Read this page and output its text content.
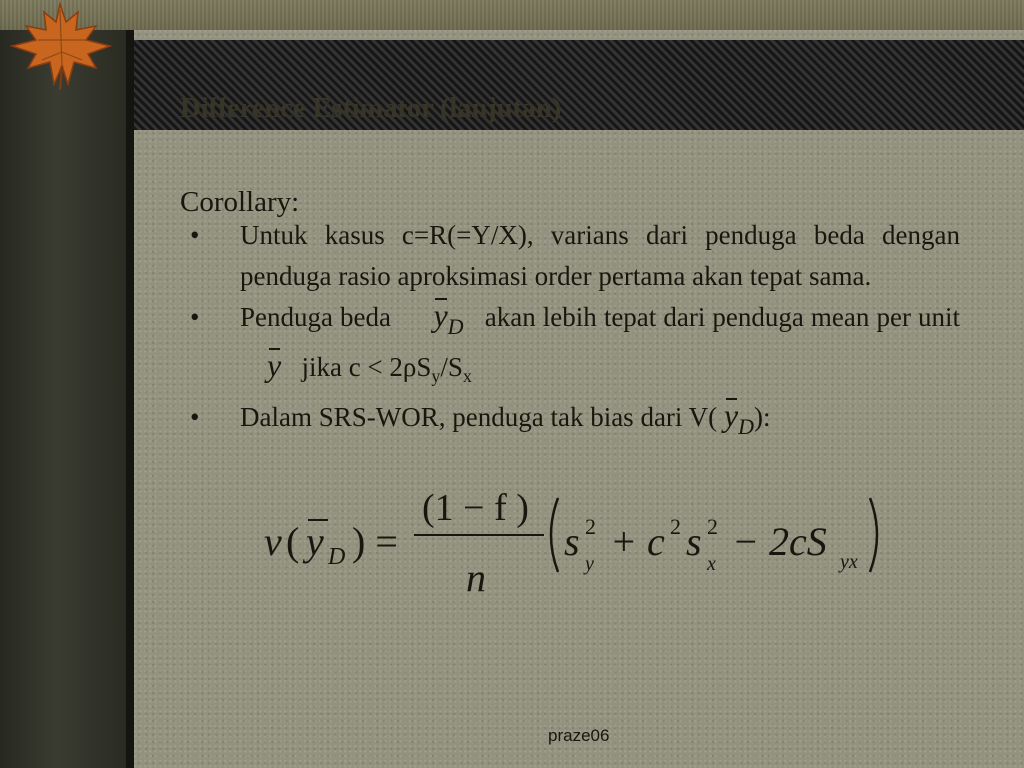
Difference Estimator (lanjutan)

Corollary:

• Untuk kasus c=R(=Y/X), varians dari penduga beda dengan penduga rasio aproksimasi order pertama akan tepat sama.
• Penduga beda $y_D$ akan lebih tepat dari penduga mean per unit     y jika $c < 2\rho S_y/S_x$
• Dalam SRS-WOR, penduga tak bias dari V( $y_D$):
v ( y D ) =
(1 − f )
n
s 2
y + c 2 s 2
x − 2cS yx
praze06
